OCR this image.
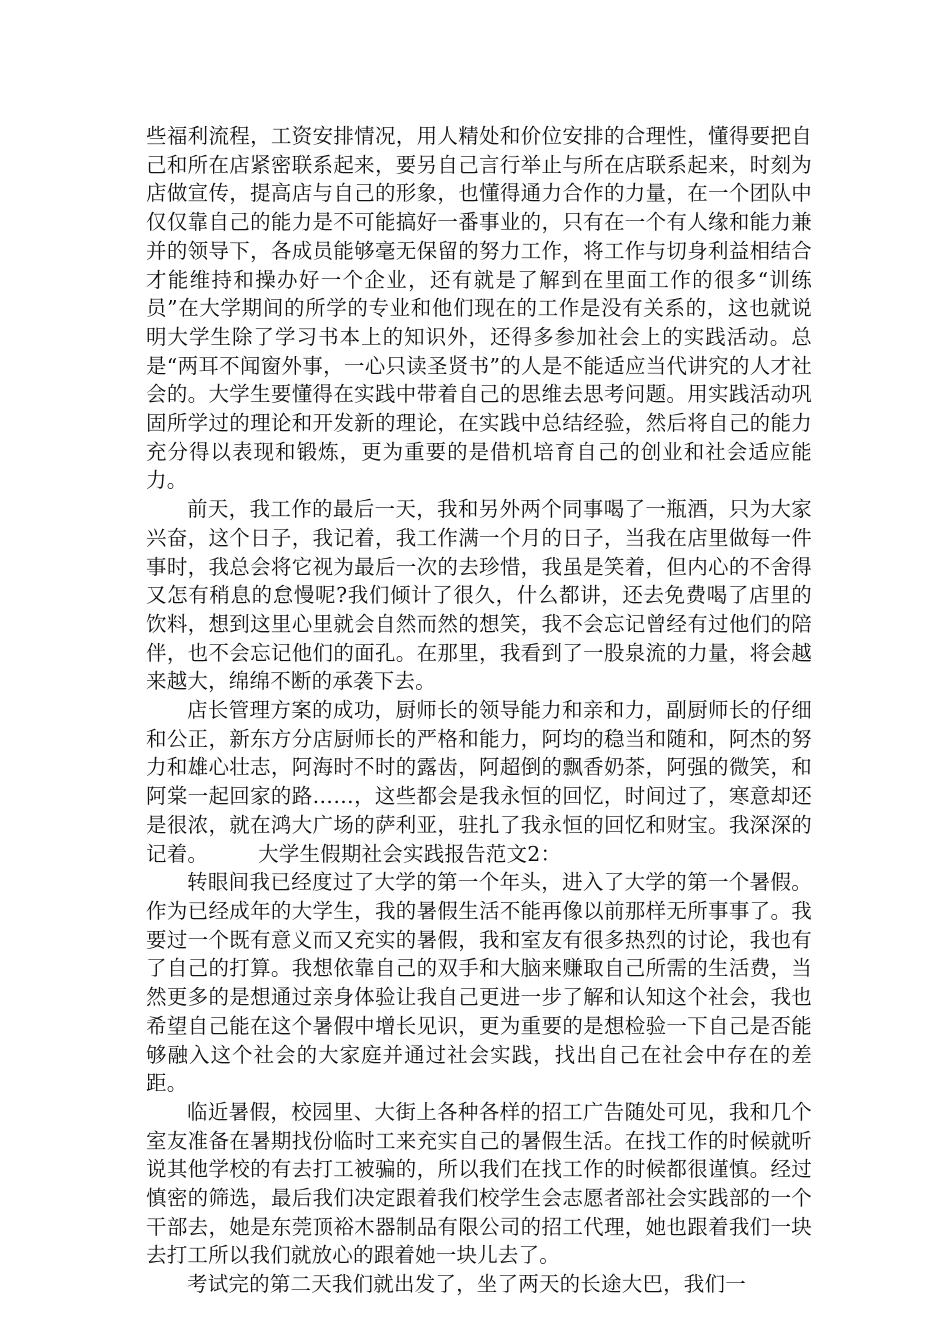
些福利流程，工资安排情况，用人精处和价位安排的合理性，懂得要把自己和所在店紧密联系起来，要另自己言行举止与所在店联系起来，时刻为店做宣传，提高店与自己的形象，也懂得通力合作的力量，在一个团队中仅仅靠自己的能力是不可能搞好一番事业的，只有在一个有人缘和能力兼并的领导下，各成员能够毫无保留的努力工作，将工作与切身利益相结合才能维持和操办好一个企业，还有就是了解到在里面工作的很多“训练员”在大学期间的所学的专业和他们现在的工作是没有关系的，这也就说明大学生除了学习书本上的知识外，还得多参加社会上的实践活动。总是“两耳不闻窗外事，一心只读圣贤书”的人是不能适应当代讲究的人才社会的。大学生要懂得在实践中带着自己的思维去思考问题。用实践活动巩固所学过的理论和开发新的理论，在实践中总结经验，然后将自己的能力充分得以表现和锻炼，更为重要的是借机培育自己的创业和社会适应能力。

前天，我工作的最后一天，我和另外两个同事喝了一瓶酒，只为大家兴奋，这个日子，我记着，我工作满一个月的日子，当我在店里做每一件事时，我总会将它视为最后一次的去珍惜，我虽是笑着，但内心的不舍得又怎有稍息的怠慢呢?我们倾计了很久，什么都讲，还去免费喝了店里的饮料，想到这里心里就会自然而然的想笑，我不会忘记曾经有过他们的陪伴，也不会忘记他们的面孔。在那里，我看到了一股泉流的力量，将会越来越大，绵绵不断的承袭下去。

店长管理方案的成功，厨师长的领导能力和亲和力，副厨师长的仔细和公正，新东方分店厨师长的严格和能力，阿均的稳当和随和，阿杰的努力和雄心壮志，阿海时不时的露齿，阿超倒的飘香奶茶，阿强的微笑，和阿棠一起回家的路……，这些都会是我永恒的回忆，时间过了，寒意却还是很浓，就在鸿大广场的萨利亚，驻扎了我永恒的回忆和财宝。我深深的记着。 大学生假期社会实践报告范文2：

转眼间我已经度过了大学的第一个年头，进入了大学的第一个暑假。作为已经成年的大学生，我的暑假生活不能再像以前那样无所事事了。我要过一个既有意义而又充实的暑假，我和室友有很多热烈的讨论，我也有了自己的打算。我想依靠自己的双手和大脑来赚取自己所需的生活费，当然更多的是想通过亲身体验让我自己更进一步了解和认知这个社会，我也希望自己能在这个暑假中增长见识，更为重要的是想检验一下自己是否能够融入这个社会的大家庭并通过社会实践，找出自己在社会中存在的差距。

临近暑假，校园里、大街上各种各样的招工广告随处可见，我和几个室友准备在暑期找份临时工来充实自己的暑假生活。在找工作的时候就听说其他学校的有去打工被骗的，所以我们在找工作的时候都很谨慎。经过慎密的筛选，最后我们决定跟着我们校学生会志愿者部社会实践部的一个干部去，她是东莞顶裕木器制品有限公司的招工代理，她也跟着我们一块去打工所以我们就放心的跟着她一块儿去了。

考试完的第二天我们就出发了，坐了两天的长途大巴，我们一
